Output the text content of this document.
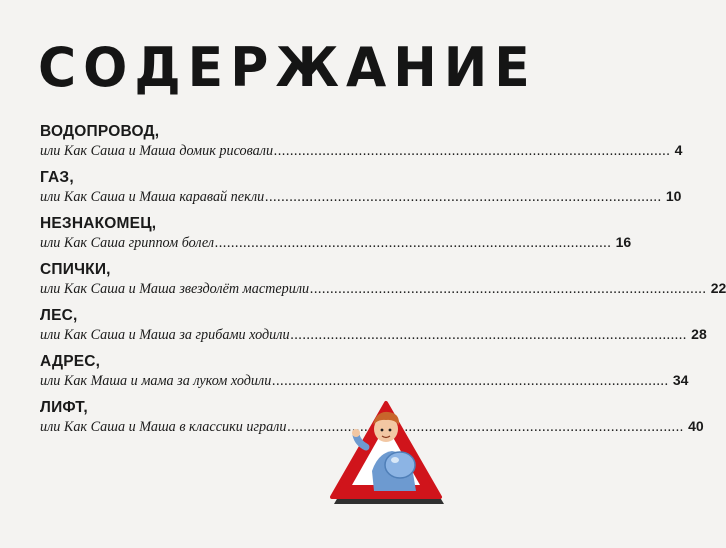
СОДЕРЖАНИЕ
ВОДОПРОВОД,
или Как Саша и Маша домик рисовали .....	4
ГАЗ,
или Как Саша и Маша каравай пекли .....	10
НЕЗНАКОМЕЦ,
или Как Саша гриппом болел .....	16
СПИЧКИ,
или Как Саша и Маша звездолёт мастерили .....	22
ЛЕС,
или Как Саша и Маша за грибами ходили .....	28
АДРЕС,
или Как Маша и мама за луком ходили .....	34
ЛИФТ,
или Как Саша и Маша в классики играли .....	40
